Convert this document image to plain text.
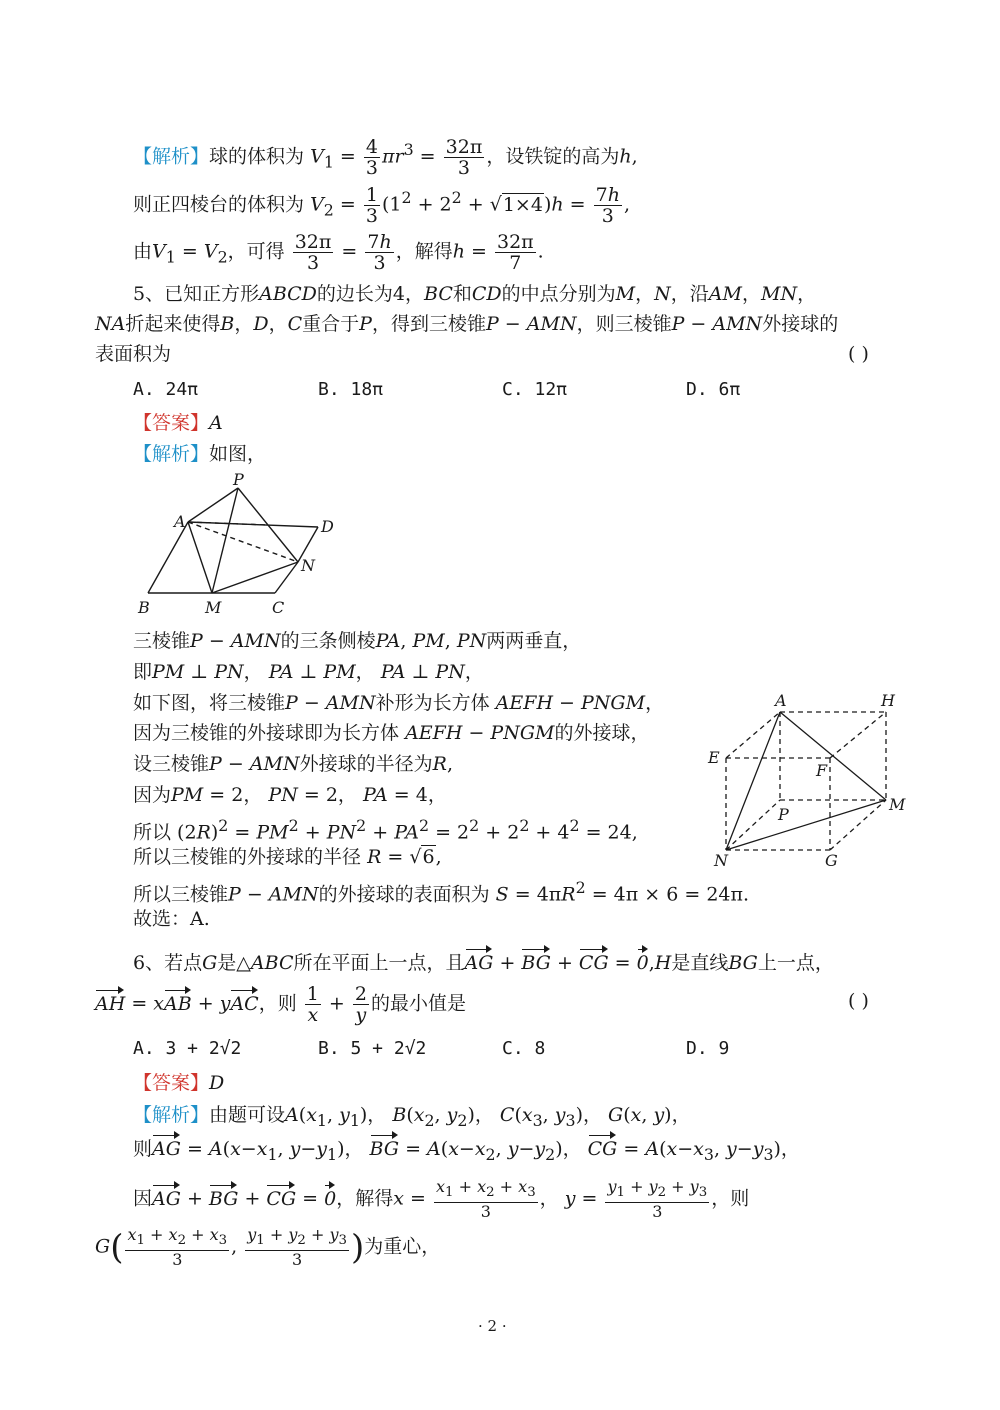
【解析】球的体积为 $V_1 = \frac{4}{3} \pi r^3 = \frac{32\pi}{3}$ ，设铁锭的高为h,
则正四棱台的体积为 $V_2 = \frac{1}{3} (1^2 + 2^2 + √1\times 4)h = \frac{7h}{3}$ ,
由$V_1 = V_2$，可得 $\frac{32\pi}{3} = \frac{7h}{3}$ ，解得$h = \frac{32\pi}{7}$ .
5、已知正方形ABCD的边长为4，BC和CD的中点分别为M，N，沿AM，MN，
NA折起来使得B，D，C重合于P，得到三棱锥P − AMN，则三棱锥P − AMN外接球的
表面积为	( )
A. 24π	B. 18π	C. 12π	D. 6π
【答案】A
【解析】如图，
P
A	D
N
B	M	C
三棱锥P − AMN的三条侧棱PA, PM, PN两两垂直，
即PM ⊥ PN， PA ⊥ PM， PA ⊥ PN，
如下图，将三棱锥P − AMN补形为长方体 AEFH − PNGM，
因为三棱锥的外接球即为长方体 AEFH − PNGM的外接球，
设三棱锥P − AMN外接球的半径为R,
因为PM = 2， PN = 2， PA = 4，
所以 $(2R)^2 = PM^2 + PN^2 + PA^2 = 2^2 + 2^2 + 4^2 = 24$,
所以三棱锥的外接球的半径 R = √6,
所以三棱锥P − AMN的外接球的表面积为 $S = 4\pi R^2 = 4\pi \times 6 = 24\pi$.
故选：A.
A	H
E
F
P
M
N	G
6、若点G是△ABC所在平面上一点，且AG + BG + CG = 0,H是直线BG上一点，
AH = xAB + yAC，则 $\frac{1}{x} + \frac{2}{y}$ 的最小值是	( )
A. 3 + 2√2	B. 5 + 2√2	C. 8	D. 9
【答案】D
【解析】由题可设$A(x_1$, $y_1$)， $B(x_2$, $y_2$)， $C(x_3$, $y_3$)， G(x, y)，
则AG = $A(x-x_1$, $y-y_1$)， BG = $A(x-x_2$, $y-y_2$)， CG = $A(x-x_3$, $y-y_3$)，
因AG + BG + CG = 0，解得$x = \frac{x_1 + x_2 + x_3}{3}$ ， $y = \frac{y_1 + y_2 + y_3}{3}$ ，则
$G( \frac{x_1 + x_2 + x_3}{3}$ , $\frac{y_1 + y_2 + y_3}{3}$ )为重心，
· 2 ·
